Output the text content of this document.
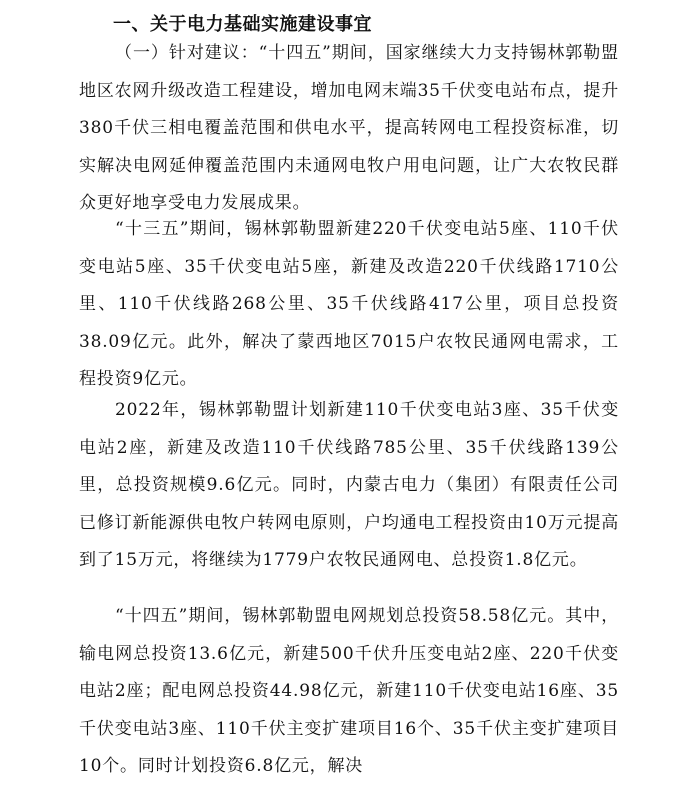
一、关于电力基础实施建设事宜

（一）针对建议：“十四五”期间，国家继续大力支持锡林郭勒盟地区农网升级改造工程建设，增加电网末端35千伏变电站布点，提升380千伏三相电覆盖范围和供电水平，提高转网电工程投资标准，切实解决电网延伸覆盖范围内未通网电牧户用电问题，让广大农牧民群众更好地享受电力发展成果。

“十三五”期间，锡林郭勒盟新建220千伏变电站5座、110千伏变电站5座、35千伏变电站5座，新建及改造220千伏线路1710公里、110千伏线路268公里、35千伏线路417公里，项目总投资38.09亿元。此外，解决了蒙西地区7015户农牧民通网电需求，工程投资9亿元。

2022年，锡林郭勒盟计划新建110千伏变电站3座、35千伏变电站2座，新建及改造110千伏线路785公里、35千伏线路139公里，总投资规模9.6亿元。同时，内蒙古电力（集团）有限责任公司已修订新能源供电牧户转网电原则，户均通电工程投资由10万元提高到了15万元，将继续为1779户农牧民通网电、总投资1.8亿元。

“十四五”期间，锡林郭勒盟电网规划总投资58.58亿元。其中，输电网总投资13.6亿元，新建500千伏升压变电站2座、220千伏变电站2座；配电网总投资44.98亿元，新建110千伏变电站16座、35千伏变电站3座、110千伏主变扩建项目16个、35千伏主变扩建项目10个。同时计划投资6.8亿元，解决
